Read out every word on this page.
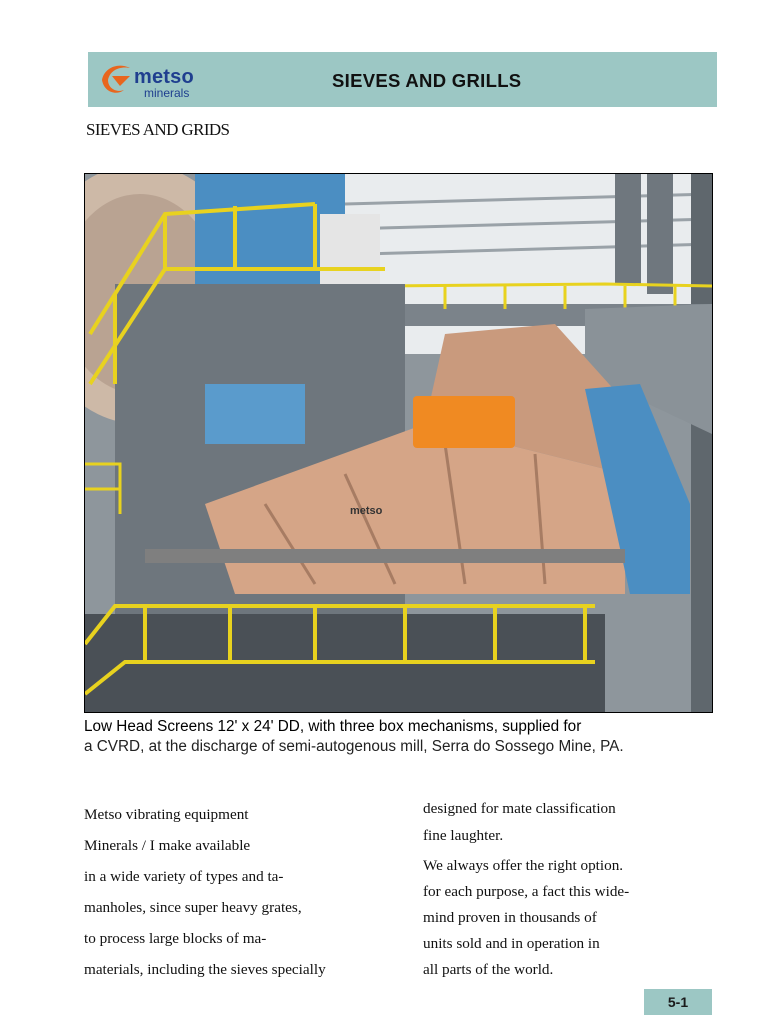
metso
minerals
SIEVES AND GRILLS
SIEVES AND GRIDS
metso
Low Head Screens 12' x 24' DD, with three box mechanisms, supplied for
a CVRD, at the discharge of semi-autogenous mill, Serra do Sossego Mine, PA.
Metso vibrating equipment
Minerals / I make available
in a wide variety of types and ta-
manholes, since super heavy grates,
to process large blocks of ma-
materials, including the sieves specially
designed for mate classification
fine laughter.
We always offer the right option.
for each purpose, a fact this wide-
mind proven in thousands of
units sold and in operation in
all parts of the world.
5-1
